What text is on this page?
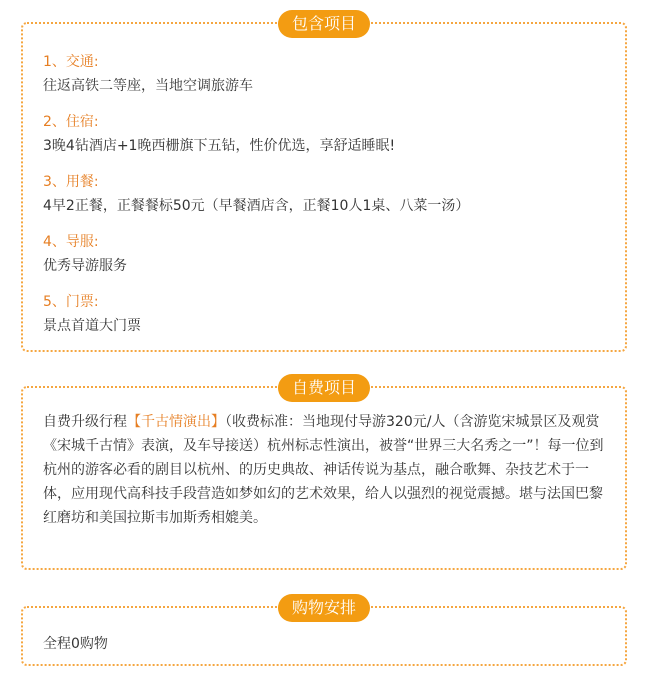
包含项目
1、交通:
往返高铁二等座，当地空调旅游车
2、住宿:
3晚4钻酒店+1晚西栅旗下五钻，性价优选，享舒适睡眠!
3、用餐:
4早2正餐，正餐餐标50元（早餐酒店含，正餐10人1桌、八菜一汤）
4、导服:
优秀导游服务
5、门票:
景点首道大门票
自费项目

自费升级行程【千古情演出】（收费标准：当地现付导游320元/人（含游览宋城景区及观赏《宋城千古情》表演，及车导接送）杭州标志性演出，被誉“世界三大名秀之一”！每一位到杭州的游客必看的剧目以杭州、的历史典故、神话传说为基点，融合歌舞、杂技艺术于一体，应用现代高科技手段营造如梦如幻的艺术效果，给人以强烈的视觉震撼。堪与法国巴黎红磨坊和美国拉斯韦加斯秀相媲美。

购物安排
全程0购物
